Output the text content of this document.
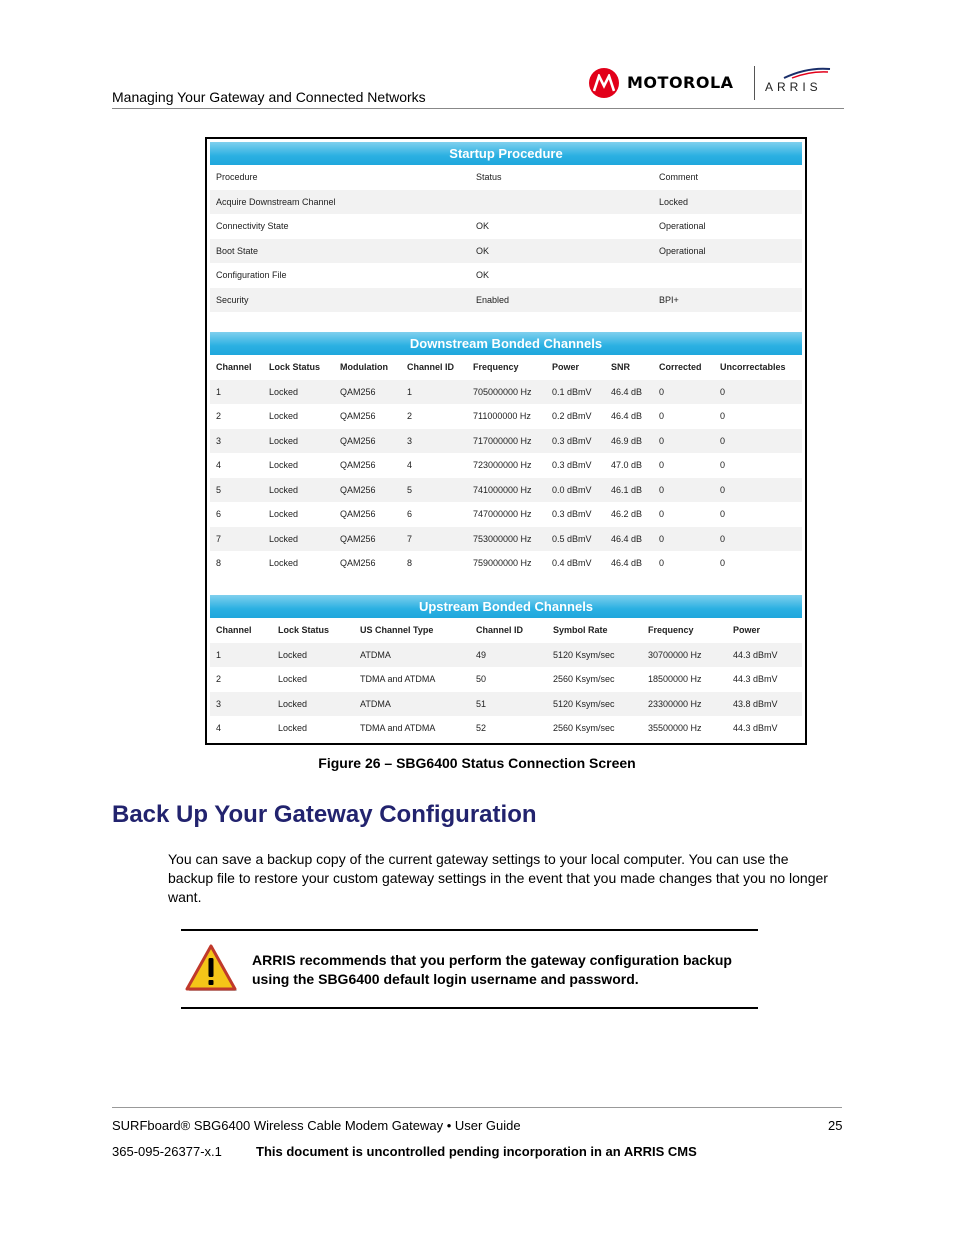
Managing Your Gateway and Connected Networks
MOTOROLA	ARRIS
Startup Procedure
Procedure	Status	Comment
Acquire Downstream Channel		Locked
Connectivity State	OK	Operational
Boot State	OK	Operational
Configuration File	OK	
Security	Enabled	BPI+
Downstream Bonded Channels
Channel	Lock Status	Modulation	Channel ID	Frequency	Power	SNR	Corrected	Uncorrectables
1	Locked	QAM256	1	705000000 Hz	0.1 dBmV	46.4 dB	0	0
2	Locked	QAM256	2	711000000 Hz	0.2 dBmV	46.4 dB	0	0
3	Locked	QAM256	3	717000000 Hz	0.3 dBmV	46.9 dB	0	0
4	Locked	QAM256	4	723000000 Hz	0.3 dBmV	47.0 dB	0	0
5	Locked	QAM256	5	741000000 Hz	0.0 dBmV	46.1 dB	0	0
6	Locked	QAM256	6	747000000 Hz	0.3 dBmV	46.2 dB	0	0
7	Locked	QAM256	7	753000000 Hz	0.5 dBmV	46.4 dB	0	0
8	Locked	QAM256	8	759000000 Hz	0.4 dBmV	46.4 dB	0	0
Upstream Bonded Channels
Channel	Lock Status	US Channel Type	Channel ID	Symbol Rate	Frequency	Power
1	Locked	ATDMA	49	5120 Ksym/sec	30700000 Hz	44.3 dBmV
2	Locked	TDMA and ATDMA	50	2560 Ksym/sec	18500000 Hz	44.3 dBmV
3	Locked	ATDMA	51	5120 Ksym/sec	23300000 Hz	43.8 dBmV
4	Locked	TDMA and ATDMA	52	2560 Ksym/sec	35500000 Hz	44.3 dBmV
Figure 26 – SBG6400 Status Connection Screen
Back Up Your Gateway Configuration

You can save a backup copy of the current gateway settings to your local computer. You can use the backup file to restore your custom gateway settings in the event that you made changes that you no longer want.

ARRIS recommends that you perform the gateway configuration backup using the SBG6400 default login username and password.
SURFboard® SBG6400 Wireless Cable Modem Gateway • User Guide	25
365-095-26377-x.1	This document is uncontrolled pending incorporation in an ARRIS CMS
